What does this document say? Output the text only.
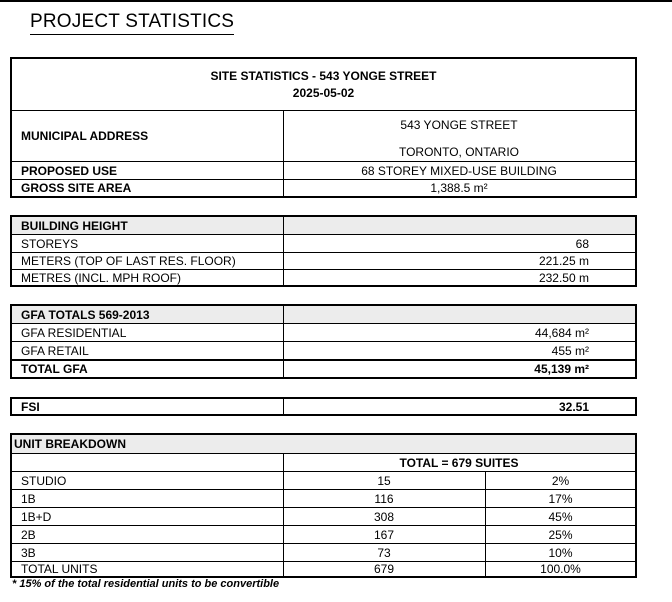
PROJECT STATISTICS
SITE STATISTICS - 543 YONGE STREET
2025-05-02
MUNICIPAL ADDRESS
543 YONGE STREET
TORONTO, ONTARIO
PROPOSED USE	68 STOREY MIXED-USE BUILDING
GROSS SITE AREA	1,388.5 m²
BUILDING HEIGHT
STOREYS	68
METERS (TOP OF LAST RES. FLOOR)	221.25 m
METRES (INCL. MPH ROOF)	232.50 m
GFA TOTALS 569-2013
GFA RESIDENTIAL	44,684 m²
GFA RETAIL	455 m²
TOTAL GFA	45,139 m²
FSI	32.51
UNIT BREAKDOWN
TOTAL = 679 SUITES
STUDIO	15	2%
1B	116	17%
1B+D	308	45%
2B	167	25%
3B	73	10%
TOTAL UNITS	679	100.0%
* 15% of the total residential units to be convertible
